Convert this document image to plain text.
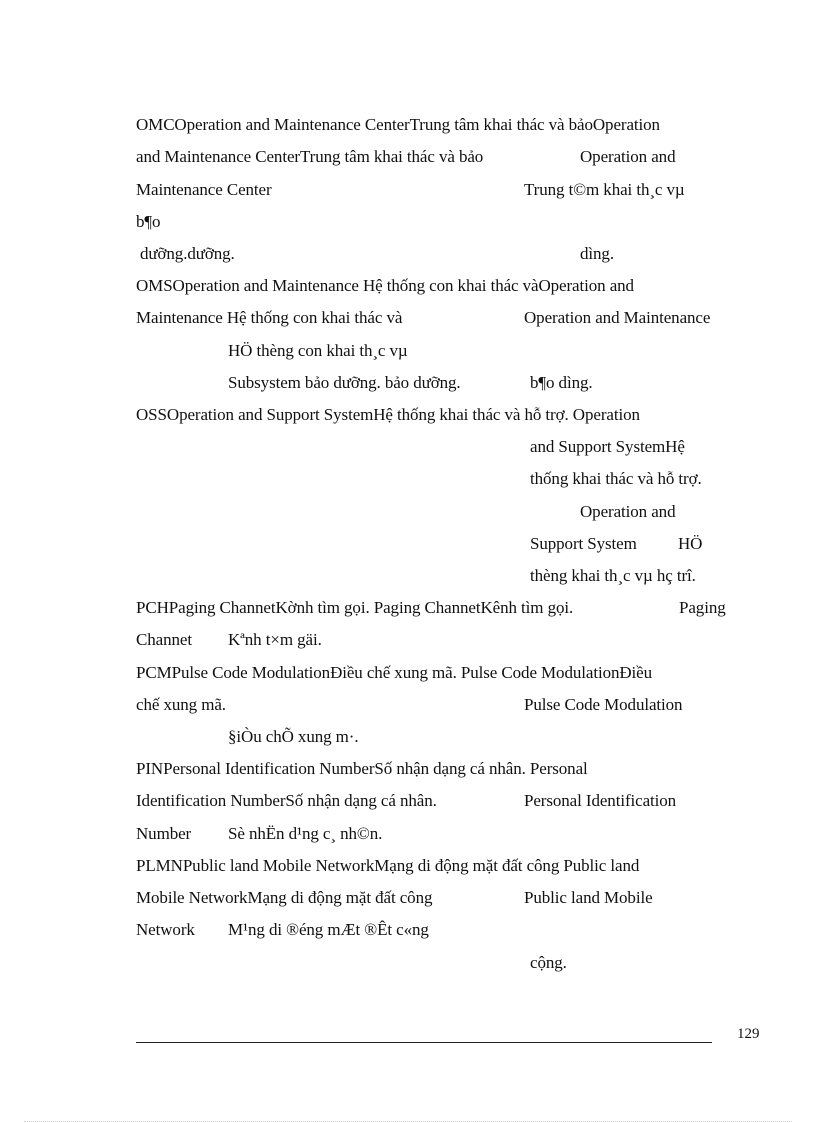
OMCOperation and Maintenance CenterTrung tâm khai thác và bảoOperation
and Maintenance CenterTrung tâm khai thác và bảo	Operation and
Maintenance Center	Trung t©m khai th¸c vµ
b¶o
dưỡng.dưỡng.	dìng.
OMSOperation and Maintenance Hệ thống con khai thác vàOperation and
Maintenance Hệ thống con khai thác và	Operation and Maintenance
HÖ thèng con khai th¸c vµ
Subsystem bảo dưỡng. bảo dưỡng.	b¶o dìng.
OSSOperation and Support SystemHệ thống khai thác và hỗ trợ. Operation
and Support SystemHệ
thống khai thác và hỗ trợ.
Operation and
Support System HÖ
thèng khai th¸c vµ hç trî.
PCHPaging ChannetKờnh tìm gọi. Paging ChannetKênh tìm gọi.	Paging
Channet Kªnh t×m gäi.
PCMPulse Code ModulationĐiều chế xung mã. Pulse Code ModulationĐiều
chế xung mã.	Pulse Code Modulation
§iÒu chÕ xung m·.
PINPersonal Identification NumberSố nhận dạng cá nhân. Personal
Identification NumberSố nhận dạng cá nhân.	Personal Identification
Number Sè nhËn d¹ng c¸ nh©n.
PLMNPublic land Mobile NetworkMạng di động mặt đất công Public land
Mobile NetworkMạng di động mặt đất công	Public land Mobile
Network M¹ng di ®éng mÆt ®Êt c«ng
cộng.
129
